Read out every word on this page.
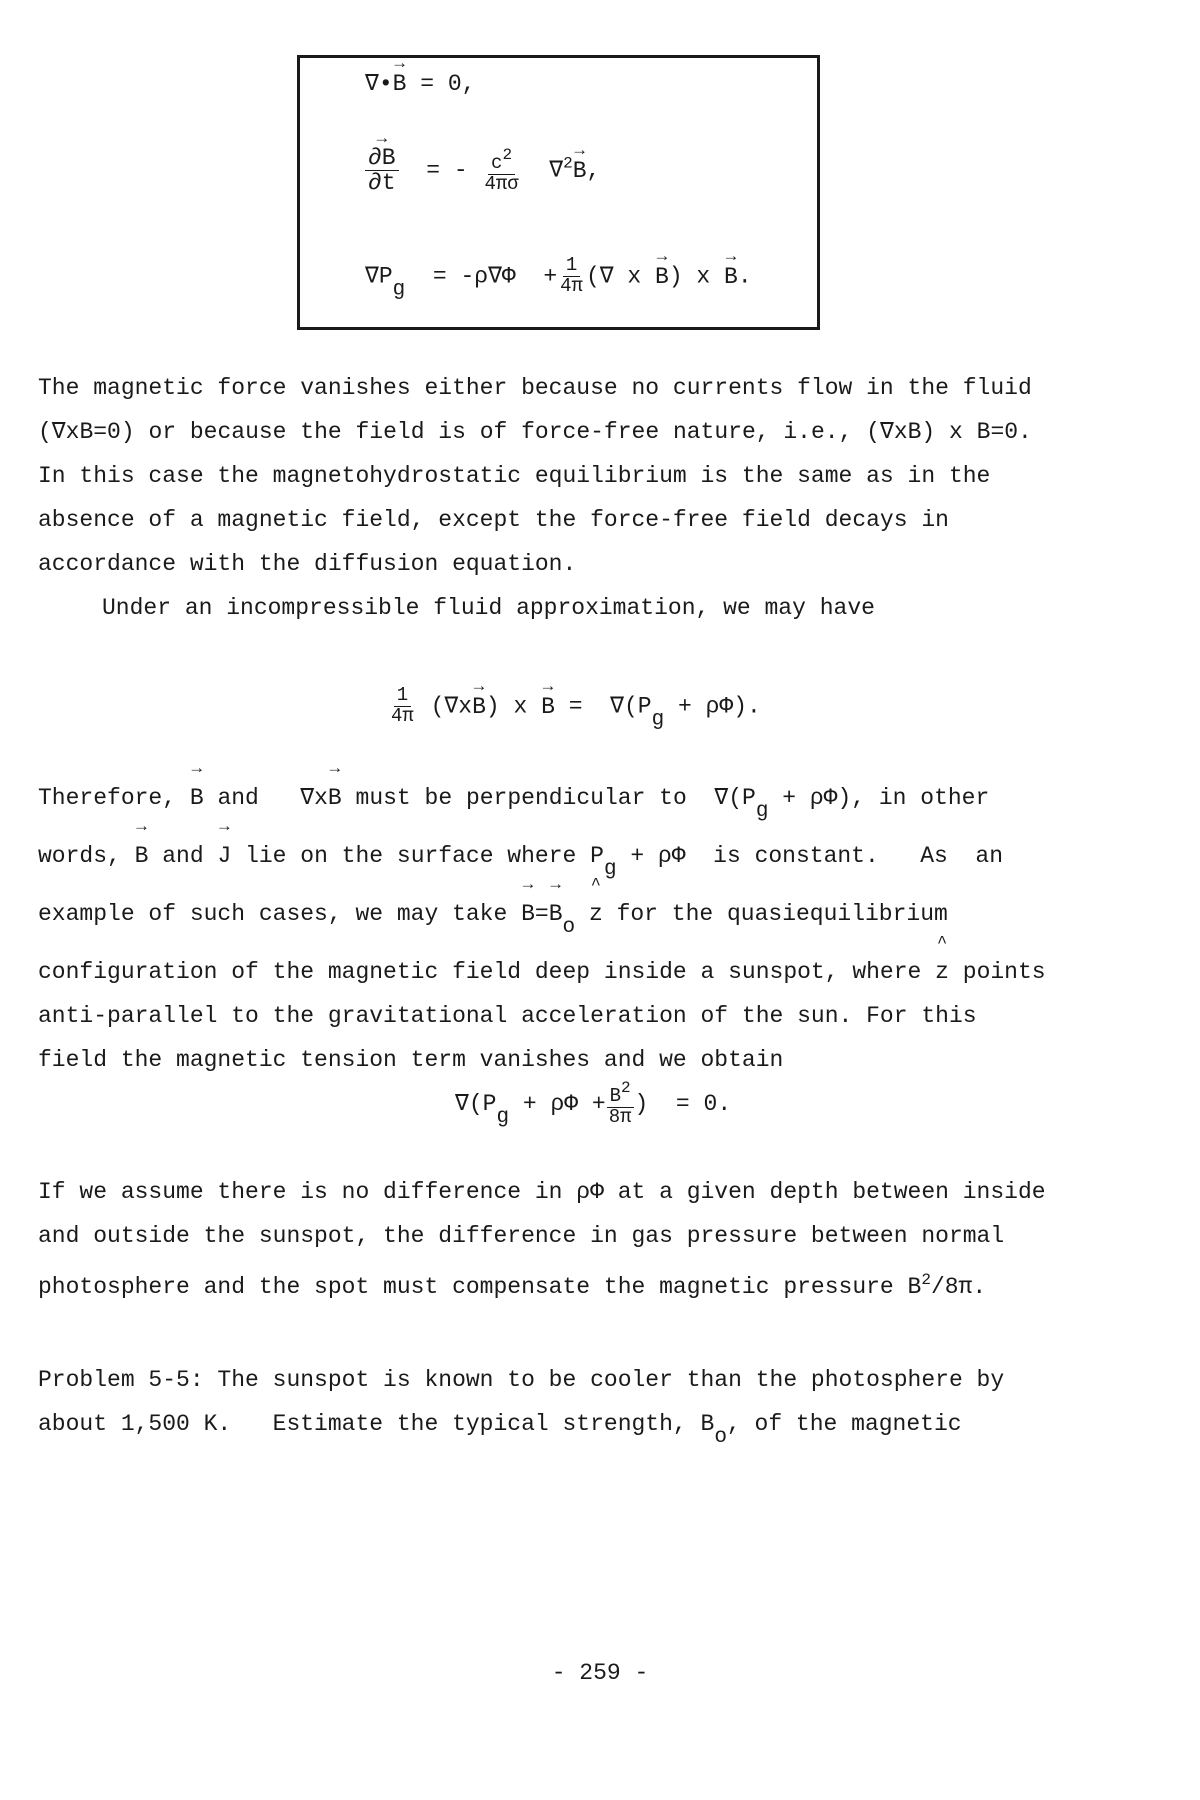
∇•→ B = 0,
→ $\frac{\partial B}{\partial t}$ = - $\frac{c^2}{4\pi\sigma} \nabla^2\to B$,
$\nabla P_g = -\rho\nabla\Phi + \frac{1}{4\pi}$ (∇ x → B) x → B.
The magnetic force vanishes either because no currents flow in the fluid
(∇xB=0) or because the field is of force-free nature, i.e., (∇xB) x B=0.
In this case the magnetohydrostatic equilibrium is the same as in the
absence of a magnetic field, except the force-free field decays in
accordance with the diffusion equation.
Under an incompressible fluid approximation, we may have
$\frac{1}{4\pi} (\nabla x\to B) x \to B = \nabla(P_g + \rho\Phi)$.
Therefore, → B and   ∇x→ B must be perpendicular to  $\nabla(P_g + \rho\Phi)$, in other
words, → B and → J lie on the surface where $P_g + \rho\Phi$  is constant.   As  an
example of such cases, we may take → $B=\to B_o$ ^ z for the quasiequilibrium
configuration of the magnetic field deep inside a sunspot, where ^ z points
anti-parallel to the gravitational acceleration of the sun. For this
field the magnetic tension term vanishes and we obtain
$\nabla(P_g + \rho\Phi + \frac{B^2}{8\pi}$ )  = 0.
If we assume there is no difference in ρΦ at a given depth between inside
and outside the sunspot, the difference in gas pressure between normal
photosphere and the spot must compensate the magnetic pressure $B^2/8\pi$.
Problem 5-5: The sunspot is known to be cooler than the photosphere by
about 1,500 K.   Estimate the typical strength, $B_o$, of the magnetic
- 259 -
